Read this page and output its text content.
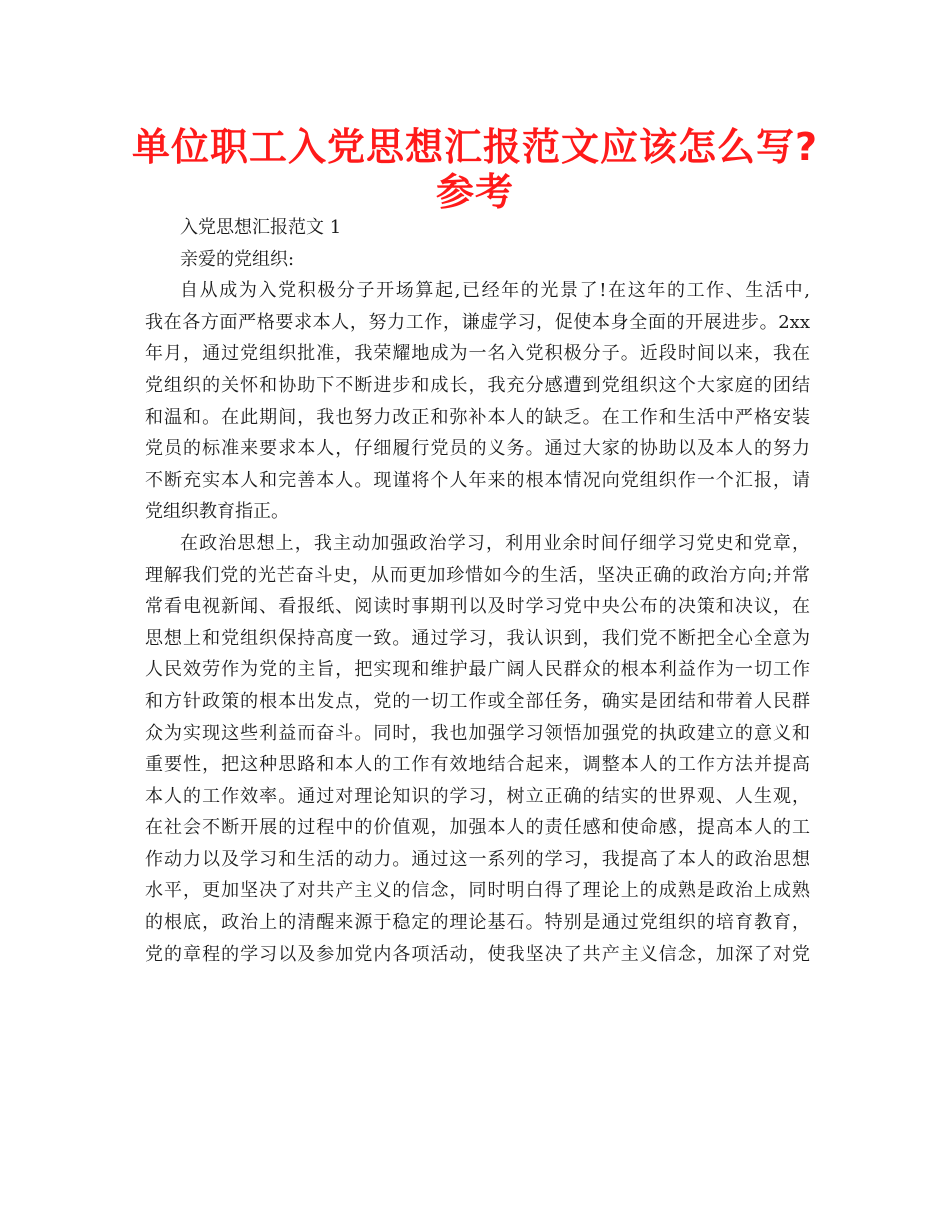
单位职工入党思想汇报范文应该怎么写?
参考
入党思想汇报范文 1
亲爱的党组织:
自从成为入党积极分子开场算起,已经年的光景了!在这年的工作、生活中,
我在各方面严格要求本人，努力工作，谦虚学习，促使本身全面的开展进步。2xx
年月，通过党组织批准，我荣耀地成为一名入党积极分子。近段时间以来，我在
党组织的关怀和协助下不断进步和成长，我充分感遭到党组织这个大家庭的团结
和温和。在此期间，我也努力改正和弥补本人的缺乏。在工作和生活中严格安装
党员的标准来要求本人，仔细履行党员的义务。通过大家的协助以及本人的努力
不断充实本人和完善本人。现谨将个人年来的根本情况向党组织作一个汇报，请
党组织教育指正。
在政治思想上，我主动加强政治学习，利用业余时间仔细学习党史和党章，
理解我们党的光芒奋斗史，从而更加珍惜如今的生活，坚决正确的政治方向;并常
常看电视新闻、看报纸、阅读时事期刊以及时学习党中央公布的决策和决议，在
思想上和党组织保持高度一致。通过学习，我认识到，我们党不断把全心全意为
人民效劳作为党的主旨，把实现和维护最广阔人民群众的根本利益作为一切工作
和方针政策的根本出发点，党的一切工作或全部任务，确实是团结和带着人民群
众为实现这些利益而奋斗。同时，我也加强学习领悟加强党的执政建立的意义和
重要性，把这种思路和本人的工作有效地结合起来，调整本人的工作方法并提高
本人的工作效率。通过对理论知识的学习，树立正确的结实的世界观、人生观，
在社会不断开展的过程中的价值观，加强本人的责任感和使命感，提高本人的工
作动力以及学习和生活的动力。通过这一系列的学习，我提高了本人的政治思想
水平，更加坚决了对共产主义的信念，同时明白得了理论上的成熟是政治上成熟
的根底，政治上的清醒来源于稳定的理论基石。特别是通过党组织的培育教育，
党的章程的学习以及参加党内各项活动，使我坚决了共产主义信念，加深了对党
